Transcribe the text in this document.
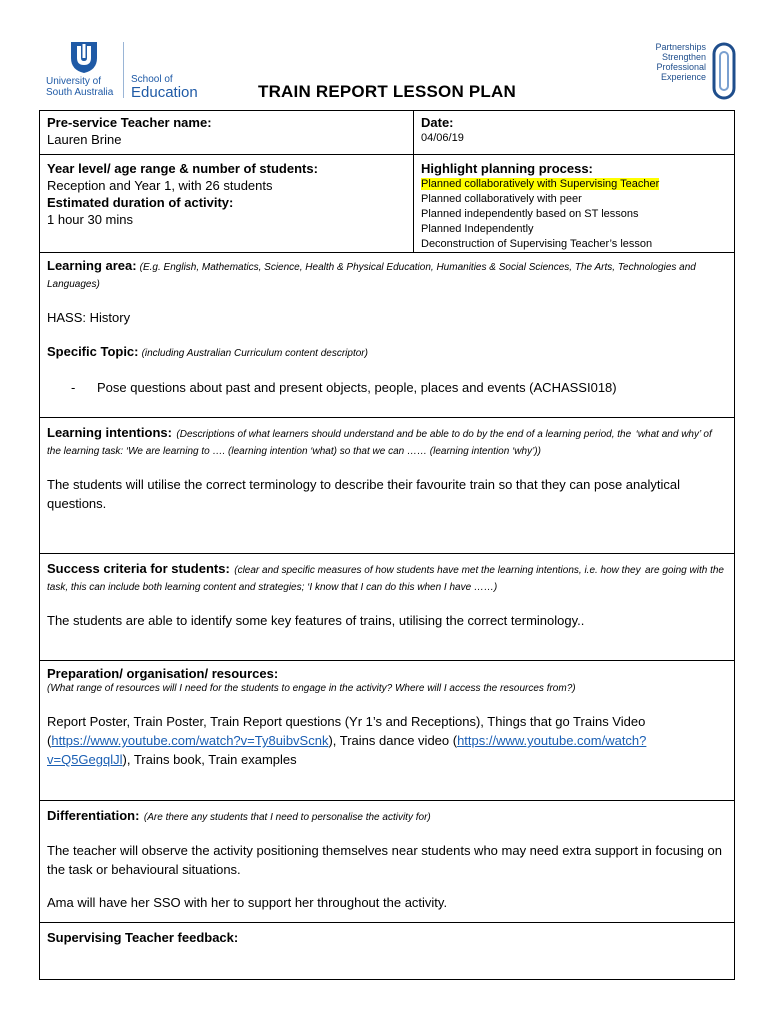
University of
South Australia
School of
Education	TRAIN REPORT LESSON PLAN
Partnerships
Strengthen
Professional
Experience
Pre-service Teacher name:
Lauren Brine
Date:
04/06/19
Year level/ age range & number of students:
Reception and Year 1, with 26 students
Estimated duration of activity:
1 hour 30 mins
Highlight planning process:
Planned collaboratively with Supervising Teacher
Planned collaboratively with peer
Planned independently based on ST lessons
Planned Independently
Deconstruction of Supervising Teacher’s lesson
Learning area: (E.g. English, Mathematics, Science, Health & Physical Education, Humanities & Social Sciences, The Arts, Technologies and Languages)
HASS: History
Specific Topic: (including Australian Curriculum content descriptor)
-	Pose questions about past and present objects, people, places and events (ACHASSI018)
Learning intentions: (Descriptions of what learners should understand and be able to do by the end of a learning period, the ‘what and why’ of the learning task: ‘We are learning to …. (learning intention ‘what) so that we can …… (learning intention ‘why’))

The students will utilise the correct terminology to describe their favourite train so that they can pose analytical questions.

Success criteria for students: (clear and specific measures of how students have met the learning intentions, i.e. how they are going with the task, this can include both learning content and strategies; ‘I know that I can do this when I have ……)

The students are able to identify some key features of trains, utilising the correct terminology..

Preparation/ organisation/ resources:
(What range of resources will I need for the students to engage in the activity? Where will I access the resources from?)

Report Poster, Train Poster, Train Report questions (Yr 1’s and Receptions), Things that go Trains Video (https://www.youtube.com/watch?v=Ty8uibvScnk), Trains dance video (https://www.youtube.com/watch?v=Q5GegqlJl), Trains book, Train examples

Differentiation: (Are there any students that I need to personalise the activity for)

The teacher will observe the activity positioning themselves near students who may need extra support in focusing on the task or behavioural situations.

Ama will have her SSO with her to support her throughout the activity.

Supervising Teacher feedback:
